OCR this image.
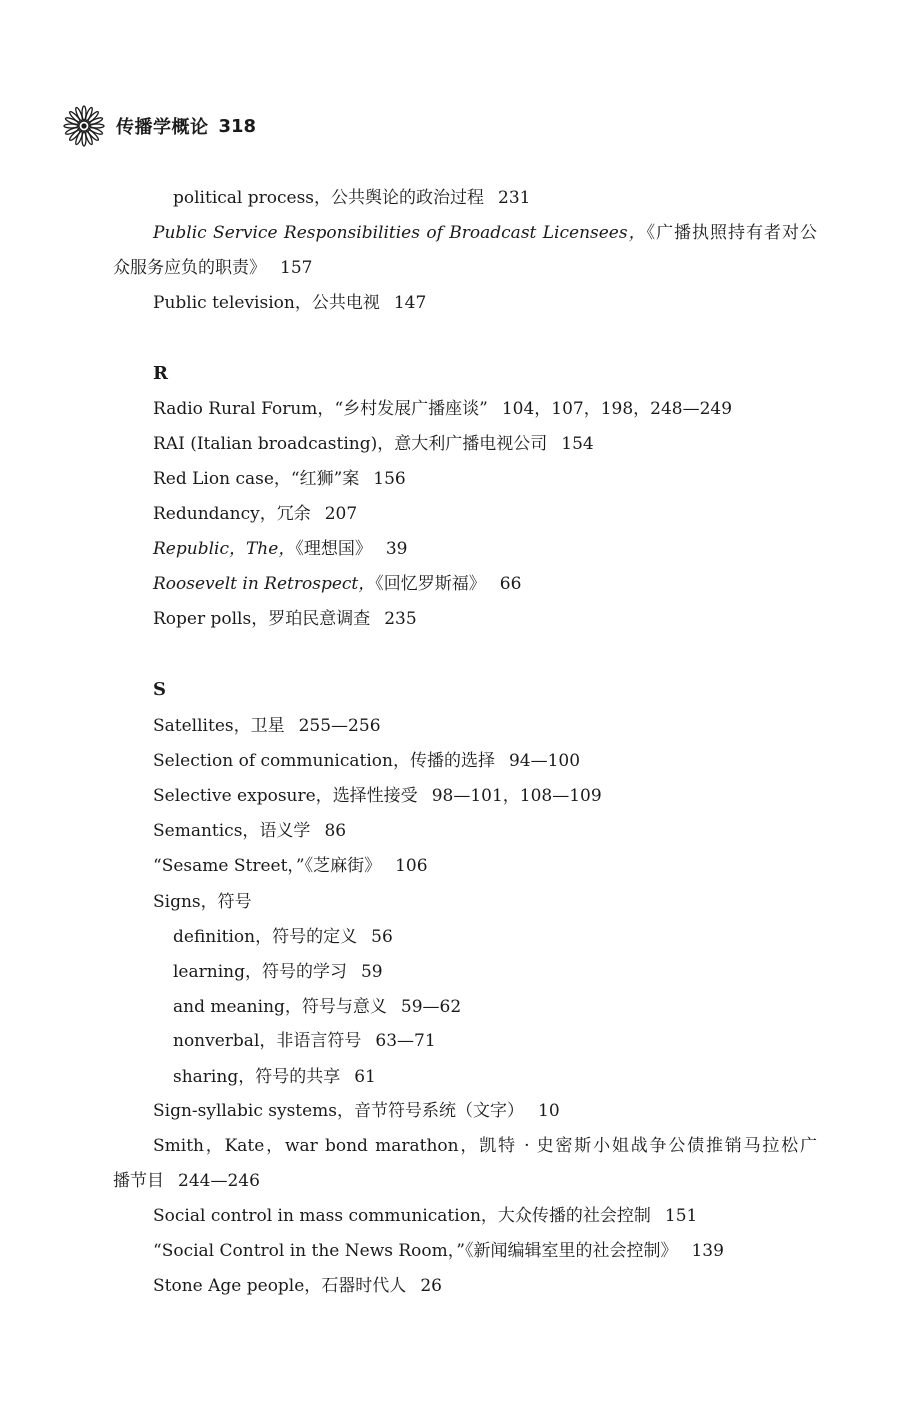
传播学概论 318
political process，公共舆论的政治过程 231
Public Service Responsibilities of Broadcast Licensees，《广播执照持有者对公
众服务应负的职责》 157
Public television，公共电视 147
R
Radio Rural Forum，“乡村发展广播座谈” 104，107，198，248—249
RAI (Italian broadcasting)，意大利广播电视公司 154
Red Lion case，“红狮”案 156
Redundancy，冗余 207
Republic，The，《理想国》 39
Roosevelt in Retrospect，《回忆罗斯福》 66
Roper polls，罗珀民意调查 235
S
Satellites，卫星 255—256
Selection of communication，传播的选择 94—100
Selective exposure，选择性接受 98—101，108—109
Semantics，语义学 86
“Sesame Street，”《芝麻街》 106
Signs，符号
definition，符号的定义 56
learning，符号的学习 59
and meaning，符号与意义 59—62
nonverbal，非语言符号 63—71
sharing，符号的共享 61
Sign-syllabic systems，音节符号系统（文字） 10
Smith，Kate，war bond marathon，凯特 · 史密斯小姐战争公债推销马拉松广
播节目 244—246
Social control in mass communication，大众传播的社会控制 151
“Social Control in the News Room，”《新闻编辑室里的社会控制》 139
Stone Age people，石器时代人 26
